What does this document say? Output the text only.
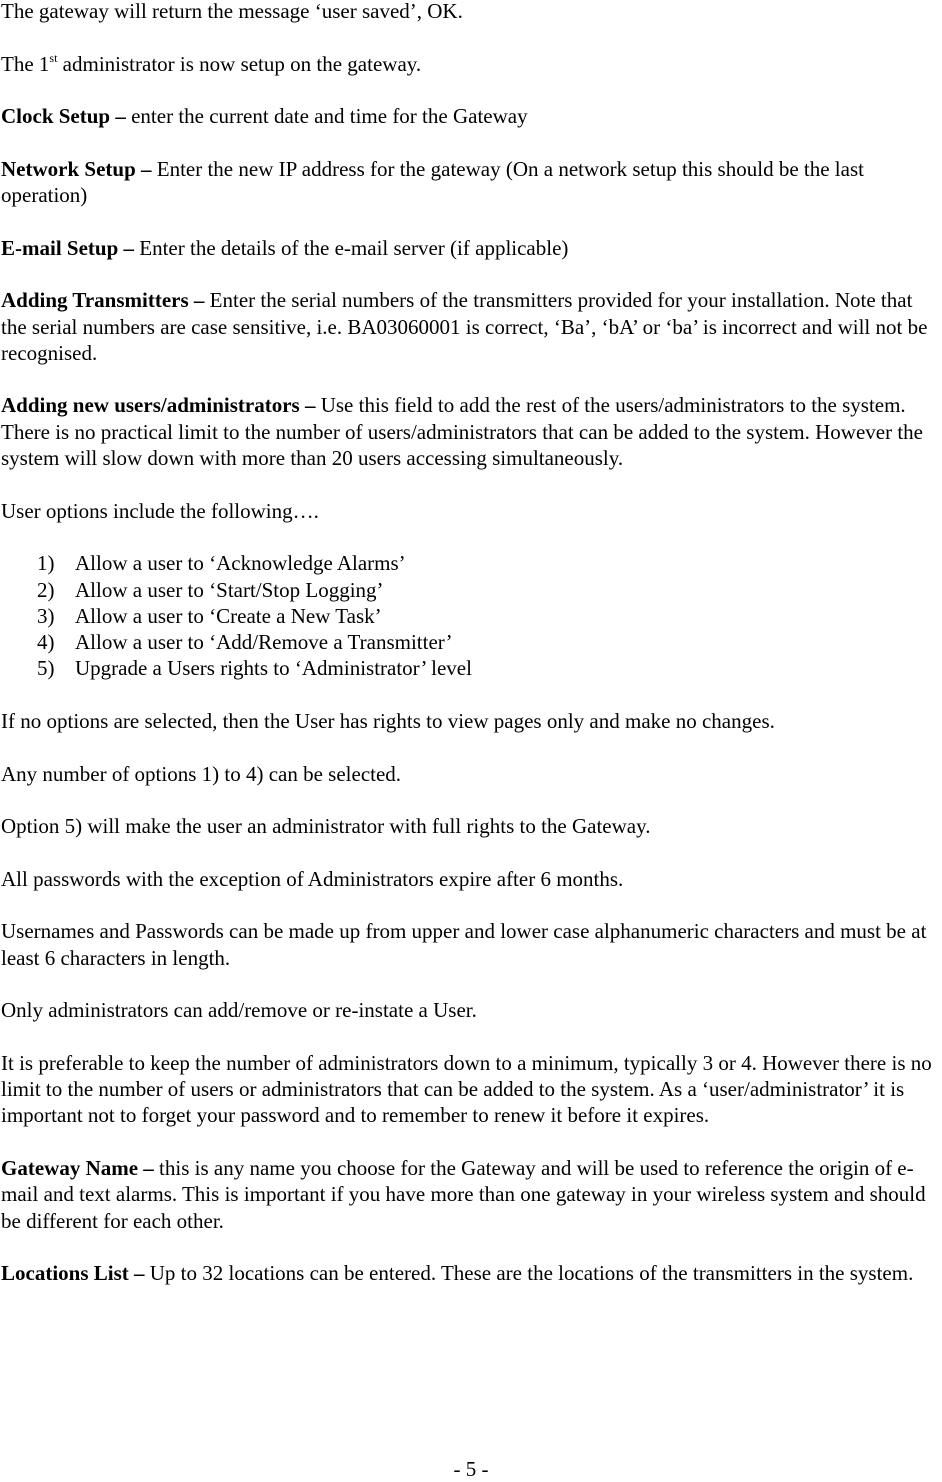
The gateway will return the message ‘user saved’, OK.

The 1st administrator is now setup on the gateway.

Clock Setup – enter the current date and time for the Gateway

Network Setup – Enter the new IP address for the gateway (On a network setup this should be the last operation)

E-mail Setup – Enter the details of the e-mail server (if applicable)

Adding Transmitters – Enter the serial numbers of the transmitters provided for your installation. Note that the serial numbers are case sensitive, i.e. BA03060001 is correct, ‘Ba’, ‘bA’ or ‘ba’ is incorrect and will not be recognised.

Adding new users/administrators – Use this field to add the rest of the users/administrators to the system. There is no practical limit to the number of users/administrators that can be added to the system. However the system will slow down with more than 20 users accessing simultaneously.

User options include the following….

1) Allow a user to ‘Acknowledge Alarms’
2) Allow a user to ‘Start/Stop Logging’
3) Allow a user to ‘Create a New Task’
4) Allow a user to ‘Add/Remove a Transmitter’
5) Upgrade a Users rights to ‘Administrator’ level

If no options are selected, then the User has rights to view pages only and make no changes.

Any number of options 1) to 4) can be selected.

Option 5) will make the user an administrator with full rights to the Gateway.

All passwords with the exception of Administrators expire after 6 months.

Usernames and Passwords can be made up from upper and lower case alphanumeric characters and must be at least 6 characters in length.

Only administrators can add/remove or re-instate a User.

It is preferable to keep the number of administrators down to a minimum, typically 3 or 4. However there is no limit to the number of users or administrators that can be added to the system. As a ‘user/administrator’ it is important not to forget your password and to remember to renew it before it expires.

Gateway Name – this is any name you choose for the Gateway and will be used to reference the origin of e-mail and text alarms. This is important if you have more than one gateway in your wireless system and should be different for each other.

Locations List – Up to 32 locations can be entered. These are the locations of the transmitters in the system.

- 5 -
